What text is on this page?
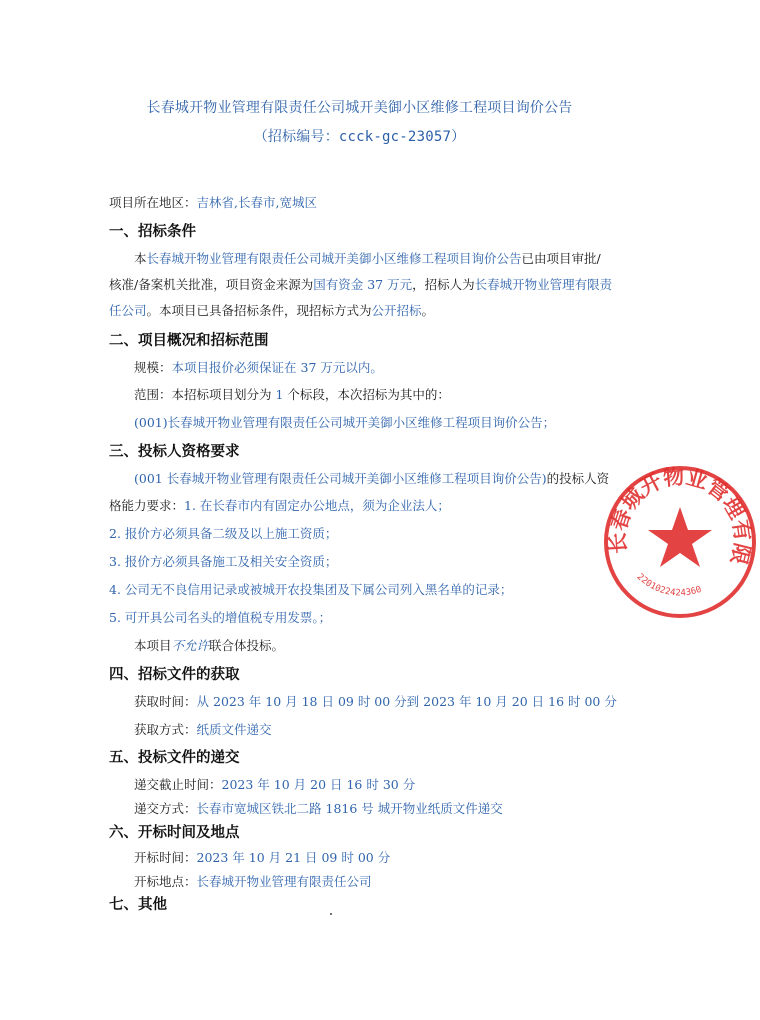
长春城开物业管理有限责任公司城开美御小区维修工程项目询价公告
（招标编号：ccck-gc-23057）
项目所在地区：吉林省,长春市,宽城区
一、招标条件
本长春城开物业管理有限责任公司城开美御小区维修工程项目询价公告已由项目审批/
核准/备案机关批准，项目资金来源为国有资金 37 万元，招标人为长春城开物业管理有限责
任公司。本项目已具备招标条件，现招标方式为公开招标。
二、项目概况和招标范围
规模：本项目报价必须保证在 37 万元以内。
范围：本招标项目划分为 1 个标段，本次招标为其中的：
(001)长春城开物业管理有限责任公司城开美御小区维修工程项目询价公告；
三、投标人资格要求
(001 长春城开物业管理有限责任公司城开美御小区维修工程项目询价公告)的投标人资
格能力要求：1. 在长春市内有固定办公地点，须为企业法人；
2. 报价方必须具备二级及以上施工资质；
3. 报价方必须具备施工及相关安全资质；
4. 公司无不良信用记录或被城开农投集团及下属公司列入黑名单的记录；
5. 可开具公司名头的增值税专用发票。；
本项目不允许联合体投标。
四、招标文件的获取
获取时间：从 2023 年 10 月 18 日 09 时 00 分到 2023 年 10 月 20 日 16 时 00 分
获取方式：纸质文件递交
五、投标文件的递交
递交截止时间：2023 年 10 月 20 日 16 时 30 分
递交方式：长春市宽城区铁北二路 1816 号 城开物业纸质文件递交
六、开标时间及地点
开标时间：2023 年 10 月 21 日 09 时 00 分
开标地点：长春城开物业管理有限责任公司
七、其他
长春城开物业管理有限
2201022424360
